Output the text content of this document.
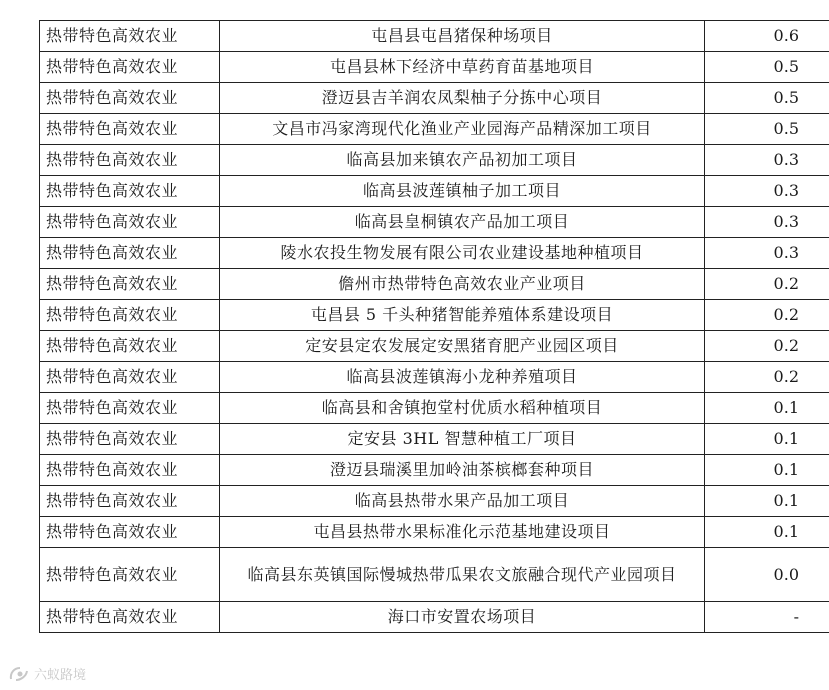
热带特色高效农业	屯昌县屯昌猪保种场项目	0.6
热带特色高效农业	屯昌县林下经济中草药育苗基地项目	0.5
热带特色高效农业	澄迈县吉羊润农凤梨柚子分拣中心项目	0.5
热带特色高效农业	文昌市冯家湾现代化渔业产业园海产品精深加工项目	0.5
热带特色高效农业	临高县加来镇农产品初加工项目	0.3
热带特色高效农业	临高县波莲镇柚子加工项目	0.3
热带特色高效农业	临高县皇桐镇农产品加工项目	0.3
热带特色高效农业	陵水农投生物发展有限公司农业建设基地种植项目	0.3
热带特色高效农业	儋州市热带特色高效农业产业项目	0.2
热带特色高效农业	屯昌县 5 千头种猪智能养殖体系建设项目	0.2
热带特色高效农业	定安县定农发展定安黑猪育肥产业园区项目	0.2
热带特色高效农业	临高县波莲镇海小龙种养殖项目	0.2
热带特色高效农业	临高县和舍镇抱堂村优质水稻种植项目	0.1
热带特色高效农业	定安县 3HL 智慧种植工厂项目	0.1
热带特色高效农业	澄迈县瑞溪里加岭油茶槟榔套种项目	0.1
热带特色高效农业	临高县热带水果产品加工项目	0.1
热带特色高效农业	屯昌县热带水果标准化示范基地建设项目	0.1
热带特色高效农业	临高县东英镇国际慢城热带瓜果农文旅融合现代产业园项目	0.0
热带特色高效农业	海口市安置农场项目	-
六蚁路境
